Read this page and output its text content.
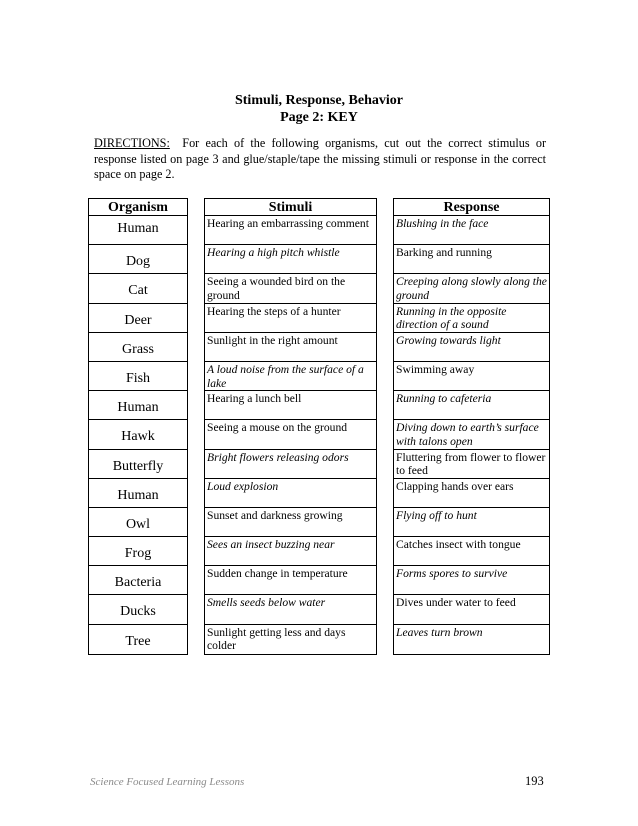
Stimuli, Response, Behavior
Page 2: KEY
DIRECTIONS: For each of the following organisms, cut out the correct stimulus or response listed on page 3 and glue/staple/tape the missing stimuli or response in the correct space on page 2.
Organism
Human
Dog
Cat
Deer
Grass
Fish
Human
Hawk
Butterfly
Human
Owl
Frog
Bacteria
Ducks
Tree
Stimuli
Hearing an embarrassing comment
Hearing a high pitch whistle
Seeing a wounded bird on the ground
Hearing the steps of a hunter
Sunlight in the right amount
A loud noise from the surface of a lake
Hearing a lunch bell
Seeing a mouse on the ground
Bright flowers releasing odors
Loud explosion
Sunset and darkness growing
Sees an insect buzzing near
Sudden change in temperature
Smells seeds below water
Sunlight getting less and days colder
Response
Blushing in the face
Barking and running
Creeping along slowly along the ground
Running in the opposite direction of a sound
Growing towards light
Swimming away
Running to cafeteria
Diving down to earth’s surface with talons open
Fluttering from flower to flower to feed
Clapping hands over ears
Flying off to hunt
Catches insect with tongue
Forms spores to survive
Dives under water to feed
Leaves turn brown
Science Focused Learning Lessons	193
